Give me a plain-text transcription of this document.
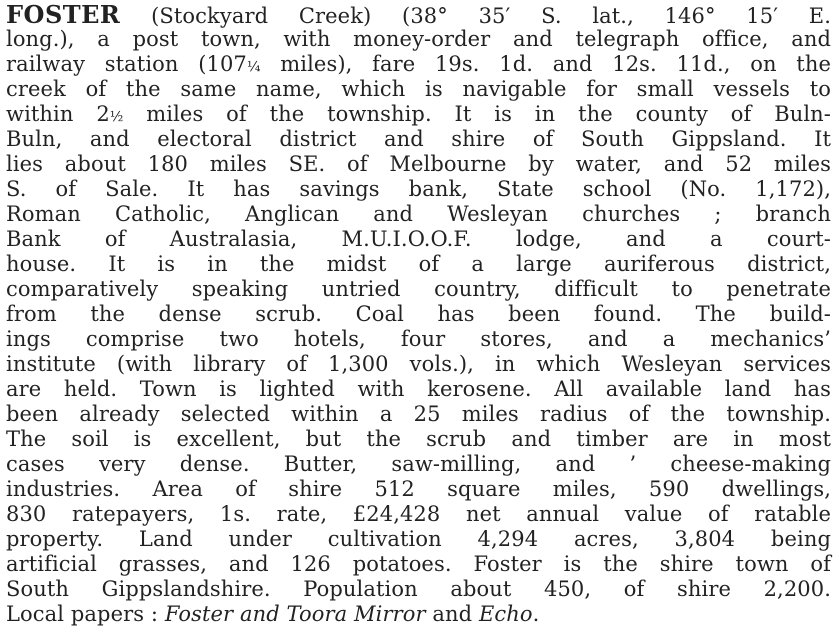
FOSTER (Stockyard Creek) (38° 35′ S. lat., 146° 15′ E.
long.), a post town, with money-order and telegraph office, and
railway station (107¼ miles), fare 19s. 1d. and 12s. 11d., on the
creek of the same name, which is navigable for small vessels to
within 2½ miles of the township. It is in the county of Buln-
Buln, and electoral district and shire of South Gippsland. It
lies about 180 miles SE. of Melbourne by water, and 52 miles
S. of Sale. It has savings bank, State school (No. 1,172),
Roman Catholic, Anglican and Wesleyan churches ; branch
Bank of Australasia, M.U.I.O.O.F. lodge, and a court-
house. It is in the midst of a large auriferous district,
comparatively speaking untried country, difficult to penetrate
from the dense scrub. Coal has been found. The build-
ings comprise two hotels, four stores, and a mechanics’
institute (with library of 1,300 vols.), in which Wesleyan services
are held. Town is lighted with kerosene. All available land has
been already selected within a 25 miles radius of the township.
The soil is excellent, but the scrub and timber are in most
cases very dense. Butter, saw-milling, and ’ cheese-making
industries. Area of shire 512 square miles, 590 dwellings,
830 ratepayers, 1s. rate, £24,428 net annual value of ratable
property. Land under cultivation 4,294 acres, 3,804 being
artificial grasses, and 126 potatoes. Foster is the shire town of
South Gippslandshire. Population about 450, of shire 2,200.
Local papers : Foster and Toora Mirror and Echo.
